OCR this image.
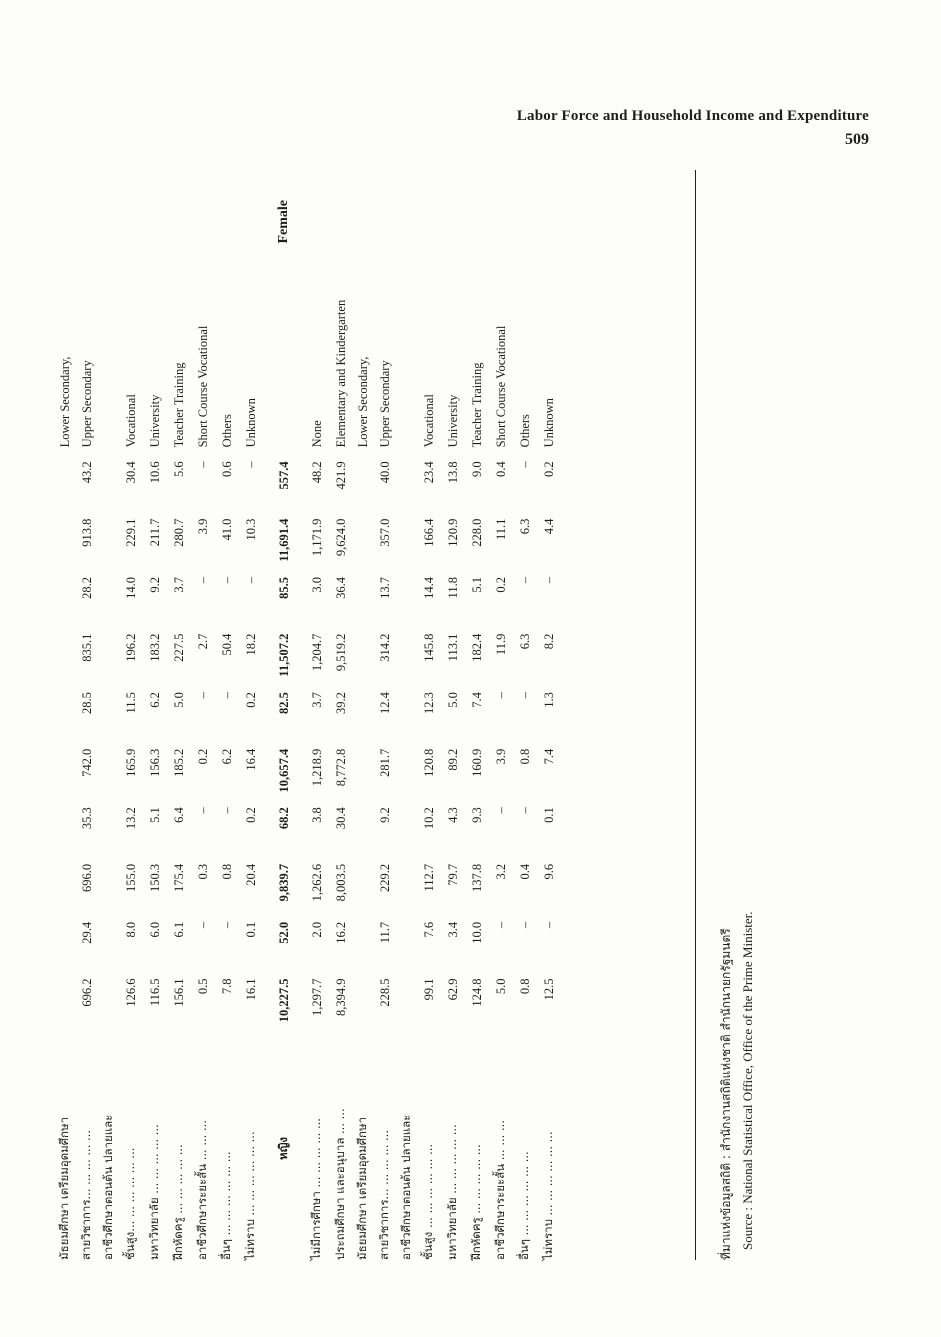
Labor Force and Household Income and Expenditure
509
มัธยมศึกษา เตรียมอุดมศึกษา											Lower Secondary,
สายวิชาการ... ... ... ... ...	696.2	29.4	696.0	35.3	742.0	28.5	835.1	28.2	913.8	43.2	Upper Secondary
อาชีวศึกษาตอนต้น ปลายและ											
ชั้นสูง... ... ... ... ... ...	126.6	8.0	155.0	13.2	165.9	11.5	196.2	14.0	229.1	30.4	Vocational
มหาวิทยาลัย ... ... ... ... ...	116.5	6.0	150.3	5.1	156.3	6.2	183.2	9.2	211.7	10.6	University
ฝึกหัดครู ... ... ... ... ...	156.1	6.1	175.4	6.4	185.2	5.0	227.5	3.7	280.7	5.6	Teacher Training
อาชีวศึกษาระยะสั้น ... ... ...	0.5	–	0.3	–	0.2	–	2.7	–	3.9	–	Short Course Vocational
อื่นๆ ... ... ... ... ... ...	7.8	–	0.8	–	6.2	–	50.4	–	41.0	0.6	Others
ไม่ทราบ ... ... ... ... ... ...	16.1	0.1	20.4	0.2	16.4	0.2	18.2	–	10.3	–	Unknown
หญิง	10,227.5	52.0	9,839.7	68.2	10,657.4	82.5	11,507.2	85.5	11,691.4	557.4	Female
ไม่มีการศึกษา ... ... ... ... ...	1,297.7	2.0	1,262.6	3.8	1,218.9	3.7	1,204.7	3.0	1,171.9	48.2	None
ประถมศึกษา และอนุบาล ... ...	8,394.9	16.2	8,003.5	30.4	8,772.8	39.2	9,519.2	36.4	9,624.0	421.9	Elementary and Kindergarten
มัธยมศึกษา เตรียมอุดมศึกษา											Lower Secondary,
สายวิชาการ... ... ... ... ...	228.5	11.7	229.2	9.2	281.7	12.4	314.2	13.7	357.0	40.0	Upper Secondary
อาชีวศึกษาตอนต้น ปลายและ											
ชั้นสูง ... ... ... ... ... ...	99.1	7.6	112.7	10.2	120.8	12.3	145.8	14.4	166.4	23.4	Vocational
มหาวิทยาลัย ... ... ... ... ...	62.9	3.4	79.7	4.3	89.2	5.0	113.1	11.8	120.9	13.8	University
ฝึกหัดครู ... ... ... ... ...	124.8	10.0	137.8	9.3	160.9	7.4	182.4	5.1	228.0	9.0	Teacher Training
อาชีวศึกษาระยะสั้น ... ... ...	5.0	–	3.2	–	3.9	–	11.9	0.2	11.1	0.4	Short Course Vocational
อื่นๆ ... ... ... ... ... ...	0.8	–	0.4	–	0.8	–	6.3	–	6.3	–	Others
ไม่ทราบ ... ... ... ... ... ...	12.5	–	9.6	0.1	7.4	1.3	8.2	–	4.4	0.2	Unknown
ที่มาแห่งข้อมูลสถิติ : สำนักงานสถิติแห่งชาติ สำนักนายกรัฐมนตรี Source : National Statistical Office, Office of the Prime Minister.
